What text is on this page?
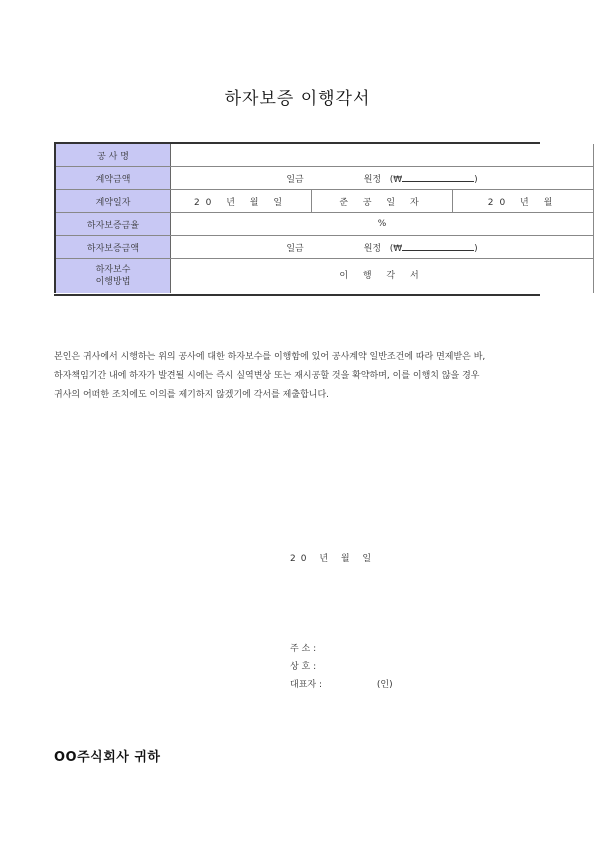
하자보증 이행각서
공 사 명			
계약금액	일금 원정 (₩ )		

계약일자	20 년 월 일	준 공 일 자	20 년 월
하자보증금율	%		
하자보증금액	일금 원정 (₩ )		

하자보수
이행방법	이 행 각 서		
본인은 귀사에서 시행하는 위의 공사에 대한 하자보수를 이행함에 있어 공사계약 일반조건에 따라 면제받은 바, 하자책임기간 내에 하자가 발견될 시에는 즉시 실역변상 또는 재시공할 것을 확약하며, 이를 이행치 않을 경우 귀사의 어떠한 조치에도 이의를 제기하지 않겠기에 각서를 제출합니다.
20 년 월 일
주 소 :
상 호 :
대표자 :	(인)
OO주식회사 귀하
